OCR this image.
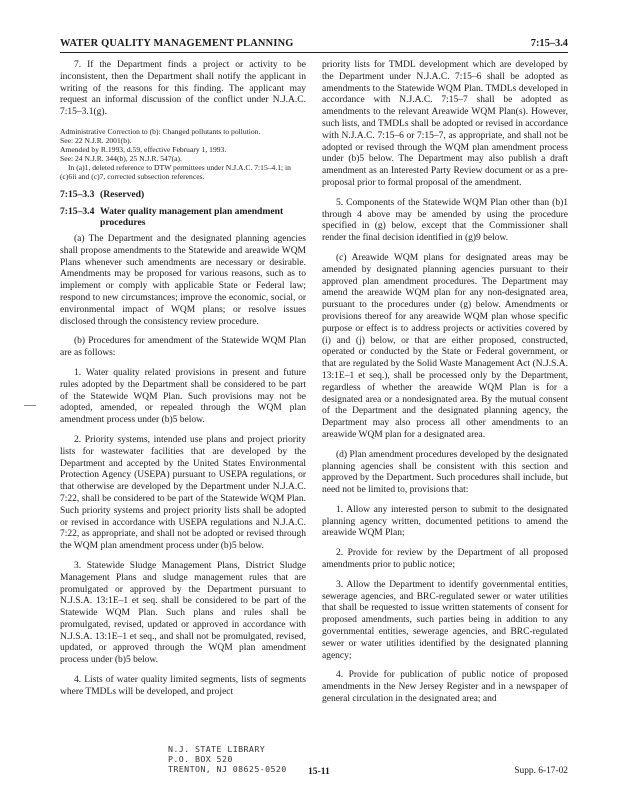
WATER QUALITY MANAGEMENT PLANNING	7:15–3.4

7. If the Department finds a project or activity to be inconsistent, then the Department shall notify the applicant in writing of the reasons for this finding. The applicant may request an informal discussion of the conflict under N.J.A.C. 7:15–3.1(g).

Administrative Correction to (b): Changed pollutants to pollution.
See: 22 N.J.R. 2001(b).
Amended by R.1993, d.59, effective February 1, 1993.
See: 24 N.J.R. 344(b), 25 N.J.R. 547(a).
In (a)1, deleted reference to DTW permittees under N.J.A.C. 7:15–4.1; in (c)6ii and (c)7, corrected subsection references.
7:15–3.3 (Reserved)
7:15–3.4 Water quality management plan amendment
procedures

(a) The Department and the designated planning agencies shall propose amendments to the Statewide and areawide WQM Plans whenever such amendments are necessary or desirable. Amendments may be proposed for various reasons, such as to implement or comply with applicable State or Federal law; respond to new circumstances; improve the economic, social, or environmental impact of WQM plans; or resolve issues disclosed through the consistency review procedure.

(b) Procedures for amendment of the Statewide WQM Plan are as follows:

1. Water quality related provisions in present and future rules adopted by the Department shall be considered to be part of the Statewide WQM Plan. Such provisions may not be adopted, amended, or repealed through the WQM plan amendment process under (b)5 below.

2. Priority systems, intended use plans and project priority lists for wastewater facilities that are developed by the Department and accepted by the United States Environmental Protection Agency (USEPA) pursuant to USEPA regulations, or that otherwise are developed by the Department under N.J.A.C. 7:22, shall be considered to be part of the Statewide WQM Plan. Such priority systems and project priority lists shall be adopted or revised in accordance with USEPA regulations and N.J.A.C. 7:22, as appropriate, and shall not be adopted or revised through the WQM plan amendment process under (b)5 below.

3. Statewide Sludge Management Plans, District Sludge Management Plans and sludge management rules that are promulgated or approved by the Department pursuant to N.J.S.A. 13:1E–1 et seq. shall be considered to be part of the Statewide WQM Plan. Such plans and rules shall be promulgated, revised, updated or approved in accordance with N.J.S.A. 13:1E–1 et seq., and shall not be promulgated, revised, updated, or approved through the WQM plan amendment process under (b)5 below.

4. Lists of water quality limited segments, lists of segments where TMDLs will be developed, and project

priority lists for TMDL development which are developed by the Department under N.J.A.C. 7:15–6 shall be adopted as amendments to the Statewide WQM Plan. TMDLs developed in accordance with N.J.A.C. 7:15–7 shall be adopted as amendments to the relevant Areawide WQM Plan(s). However, such lists, and TMDLs shall be adopted or revised in accordance with N.J.A.C. 7:15–6 or 7:15–7, as appropriate, and shall not be adopted or revised through the WQM plan amendment process under (b)5 below. The Department may also publish a draft amendment as an Interested Party Review document or as a pre-proposal prior to formal proposal of the amendment.

5. Components of the Statewide WQM Plan other than (b)1 through 4 above may be amended by using the procedure specified in (g) below, except that the Commissioner shall render the final decision identified in (g)9 below.

(c) Areawide WQM plans for designated areas may be amended by designated planning agencies pursuant to their approved plan amendment procedures. The Department may amend the areawide WQM plan for any non-designated area, pursuant to the procedures under (g) below. Amendments or provisions thereof for any areawide WQM plan whose specific purpose or effect is to address projects or activities covered by (i) and (j) below, or that are either proposed, constructed, operated or conducted by the State or Federal government, or that are regulated by the Solid Waste Management Act (N.J.S.A. 13:1E–1 et seq.), shall be processed only by the Department, regardless of whether the areawide WQM Plan is for a designated area or a nondesignated area. By the mutual consent of the Department and the designated planning agency, the Department may also process all other amendments to an areawide WQM plan for a designated area.

(d) Plan amendment procedures developed by the designated planning agencies shall be consistent with this section and approved by the Department. Such procedures shall include, but need not be limited to, provisions that:

1. Allow any interested person to submit to the designated planning agency written, documented petitions to amend the areawide WQM Plan;

2. Provide for review by the Department of all proposed amendments prior to public notice;

3. Allow the Department to identify governmental entities, sewerage agencies, and BRC-regulated sewer or water utilities that shall be requested to issue written statements of consent for proposed amendments, such parties being in addition to any governmental entities, sewerage agencies, and BRC-regulated sewer or water utilities identified by the designated planning agency;

4. Provide for publication of public notice of proposed amendments in the New Jersey Register and in a newspaper of general circulation in the designated area; and

N.J. STATE LIBRARY
P.O. BOX 520
TRENTON, NJ 08625-0520 15-11	Supp. 6-17-02
